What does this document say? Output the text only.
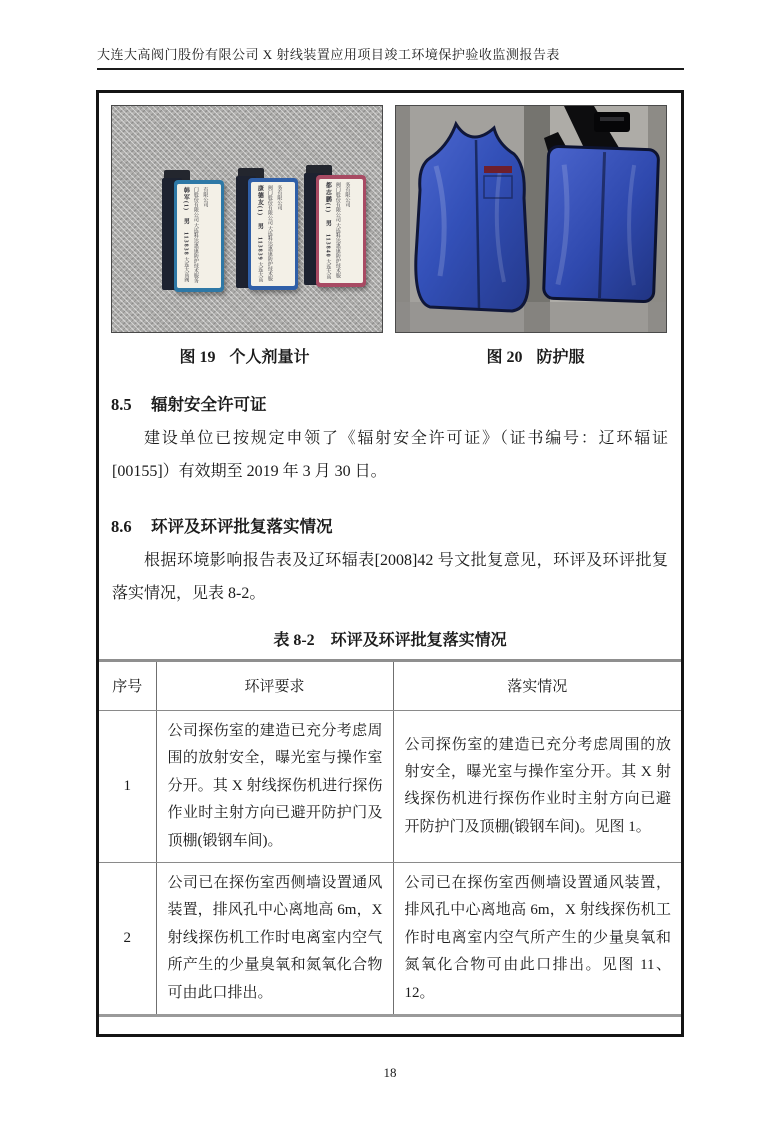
大连大高阀门股份有限公司 X 射线装置应用项目竣工环境保护验收监测报告表
韩军(1)　男　113838 大连大高阀门股份有限公司 大连科达惠康防护技术服务有限公司	康德友(1)　男　113839 大连大高阀门股份有限公司 大连科达惠康防护技术服务有限公司	都志鹏(1)　男　113840 大连大高阀门股份有限公司 大连科达惠康防护技术服务有限公司
图 19 个人剂量计	图 20 防护服
8.5	辐射安全许可证

建设单位已按规定申领了《辐射安全许可证》（证书编号：辽环辐证[00155]）有效期至 2019 年 3 月 30 日。

8.6	环评及环评批复落实情况

根据环境影响报告表及辽环辐表[2008]42 号文批复意见，环评及环评批复落实情况，见表 8-2。

表 8-2　环评及环评批复落实情况
序号	环评要求	落实情况
1	公司探伤室的建造已充分考虑周围的放射安全，曝光室与操作室分开。其 X 射线探伤机进行探伤作业时主射方向已避开防护门及顶棚(锻钢车间)。	公司探伤室的建造已充分考虑周围的放射安全，曝光室与操作室分开。其 X 射线探伤机进行探伤作业时主射方向已避开防护门及顶棚(锻钢车间)。见图 1。
2	公司已在探伤室西侧墙设置通风装置，排风孔中心离地高 6m，X 射线探伤机工作时电离室内空气所产生的少量臭氧和氮氧化合物可由此口排出。	公司已在探伤室西侧墙设置通风装置，排风孔中心离地高 6m，X 射线探伤机工作时电离室内空气所产生的少量臭氧和氮氧化合物可由此口排出。见图 11、12。
18
